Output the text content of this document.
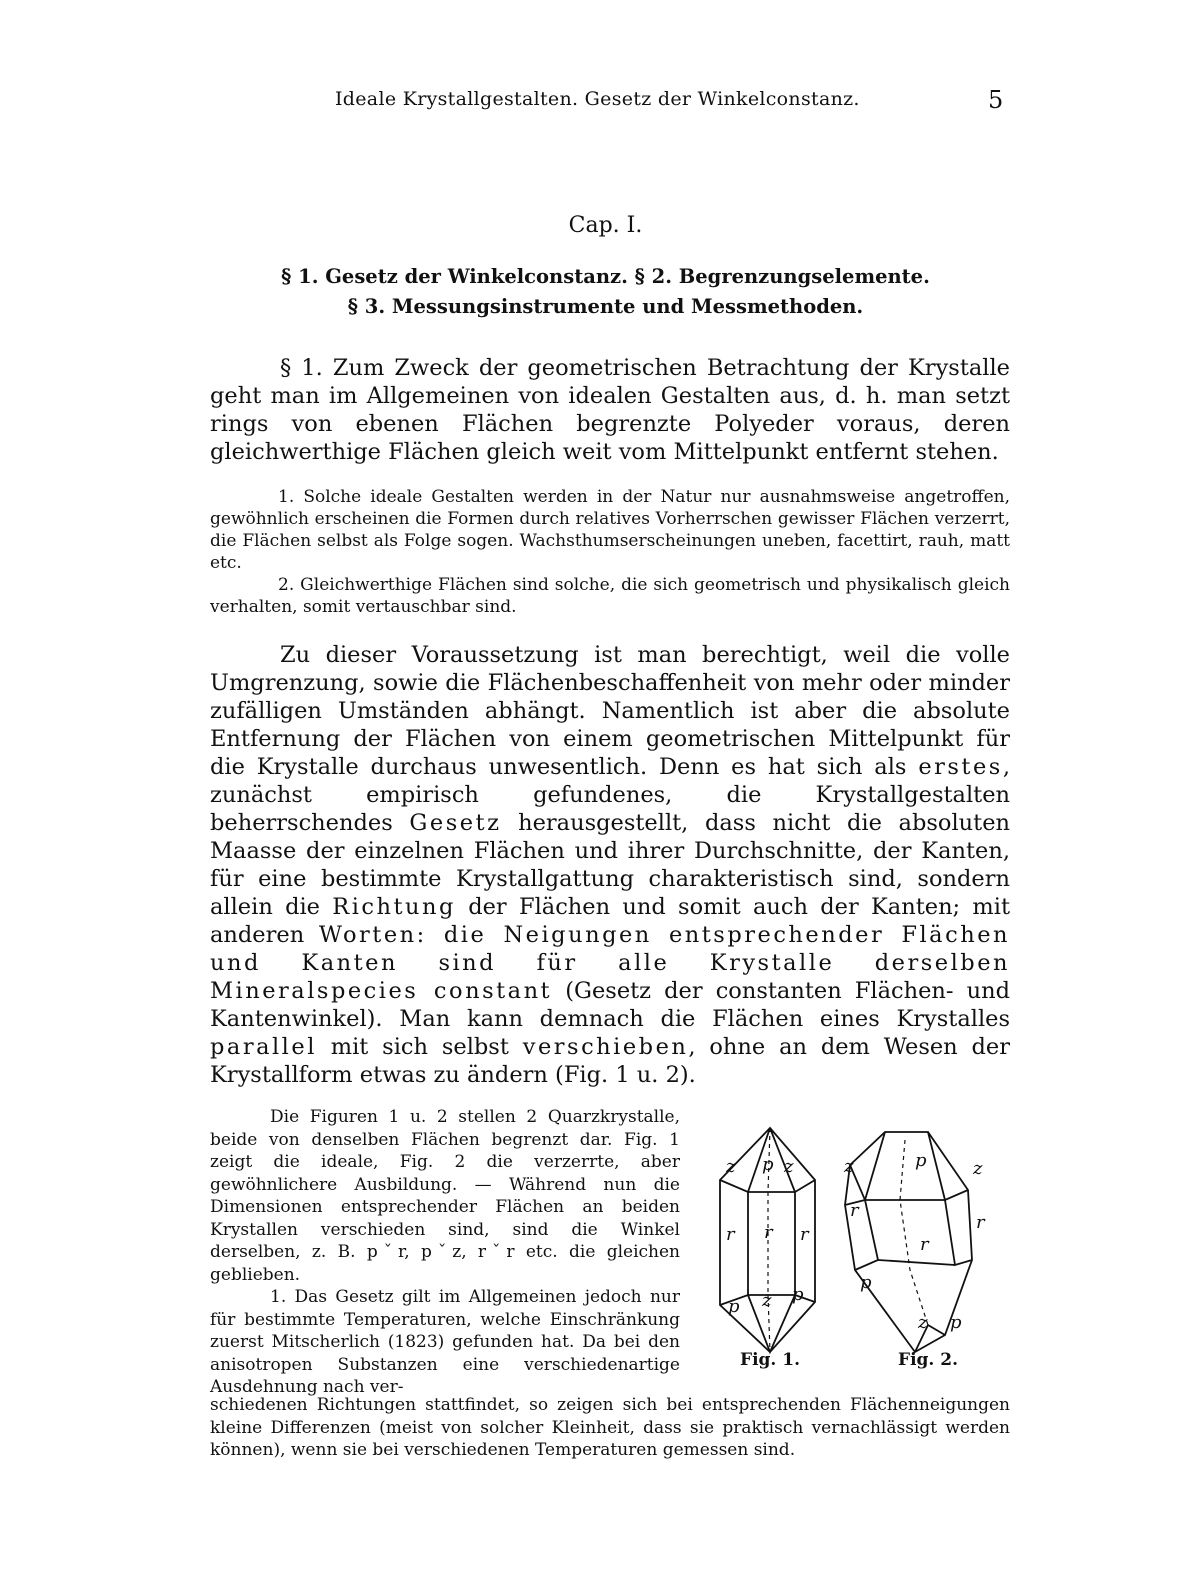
Ideale Krystallgestalten. Gesetz der Winkelconstanz.	5
Cap. I.
§ 1. Gesetz der Winkelconstanz. § 2. Begrenzungselemente.
§ 3. Messungsinstrumente und Messmethoden.

§ 1. Zum Zweck der geometrischen Betrachtung der Krystalle geht man im Allgemeinen von idealen Gestalten aus, d. h. man setzt rings von ebenen Flächen begrenzte Polyeder voraus, deren gleichwerthige Flächen gleich weit vom Mittelpunkt entfernt stehen.

1. Solche ideale Gestalten werden in der Natur nur ausnahmsweise angetroffen, gewöhnlich erscheinen die Formen durch relatives Vorherrschen gewisser Flächen verzerrt, die Flächen selbst als Folge sogen. Wachsthumserscheinungen uneben, facettirt, rauh, matt etc.

2. Gleichwerthige Flächen sind solche, die sich geometrisch und physikalisch gleich verhalten, somit vertauschbar sind.

Zu dieser Voraussetzung ist man berechtigt, weil die volle Umgrenzung, sowie die Flächenbeschaffenheit von mehr oder minder zufälligen Umständen abhängt. Namentlich ist aber die absolute Entfernung der Flächen von einem geometrischen Mittelpunkt für die Krystalle durchaus unwesentlich. Denn es hat sich als erstes, zunächst empirisch gefundenes, die Krystallgestalten beherrschendes Gesetz herausgestellt, dass nicht die absoluten Maasse der einzelnen Flächen und ihrer Durchschnitte, der Kanten, für eine bestimmte Krystallgattung charakteristisch sind, sondern allein die Richtung der Flächen und somit auch der Kanten; mit anderen Worten: die Neigungen entsprechender Flächen und Kanten sind für alle Krystalle derselben Mineralspecies constant (Gesetz der constanten Flächen- und Kantenwinkel). Man kann demnach die Flächen eines Krystalles parallel mit sich selbst verschieben, ohne an dem Wesen der Krystallform etwas zu ändern (Fig. 1 u. 2).

Die Figuren 1 u. 2 stellen 2 Quarzkrystalle, beide von denselben Flächen begrenzt dar. Fig. 1 zeigt die ideale, Fig. 2 die verzerrte, aber gewöhnlichere Ausbildung. — Während nun die Dimensionen entsprechender Flächen an beiden Krystallen verschieden sind, sind die Winkel derselben, z. B. pˇr, pˇz, rˇr etc. die gleichen geblieben.

1. Das Gesetz gilt im Allgemeinen jedoch nur für bestimmte Temperaturen, welche Einschränkung zuerst Mitscherlich (1823) gefunden hat. Da bei den anisotropen Substanzen eine verschiedenartige Ausdehnung nach ver-

schiedenen Richtungen stattfindet, so zeigen sich bei entsprechenden Flächenneigungen kleine Differenzen (meist von solcher Kleinheit, dass sie praktisch vernachlässigt werden können), wenn sie bei verschiedenen Temperaturen gemessen sind.
z p z
r r r
p z p
z	p	z
r
r
r
p
z p
Fig. 1.	Fig. 2.
